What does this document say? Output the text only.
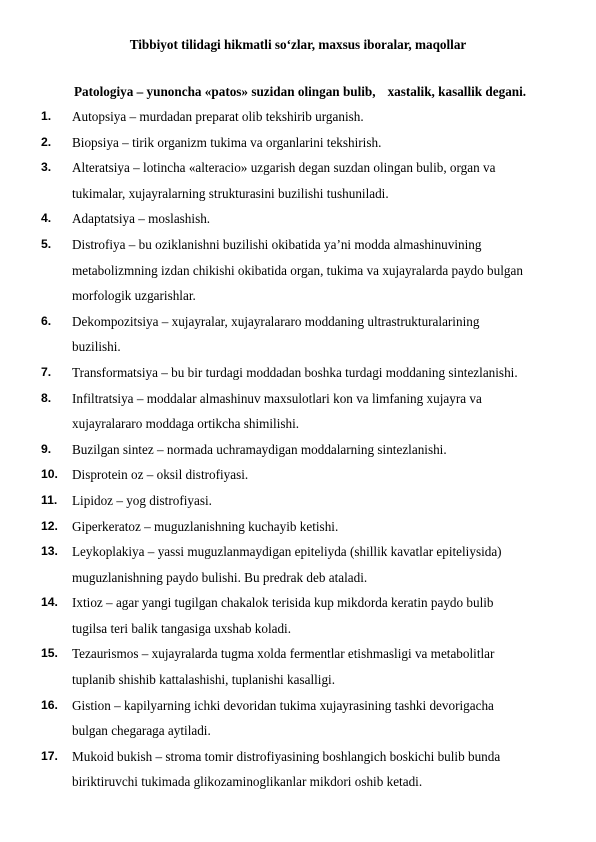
Tibbiyot tilidagi hikmatli so‘zlar, maxsus iboralar, maqollar
Patologiya – yunoncha «patos» suzidan olingan bulib, xastalik, kasallik degani.
1.	Autopsiya – murdadan preparat olib tekshirib urganish.
2.	Biopsiya – tirik organizm tukima va organlarini tekshirish.
3.	Alteratsiya – lotincha «alteracio» uzgarish degan suzdan olingan bulib, organ va
tukimalar, xujayralarning strukturasini buzilishi tushuniladi.
4.	Adaptatsiya – moslashish.
5.	Distrofiya – bu oziklanishni buzilishi okibatida ya’ni modda almashinuvining
metabolizmning izdan chikishi okibatida organ, tukima va xujayralarda paydo bulgan
morfologik uzgarishlar.
6.	Dekompozitsiya – xujayralar, xujayralararo moddaning ultrastrukturalarining
buzilishi.
7.	Transformatsiya – bu bir turdagi moddadan boshka turdagi moddaning sintezlanishi.
8.	Infiltratsiya – moddalar almashinuv maxsulotlari kon va limfaning xujayra va
xujayralararo moddaga ortikcha shimilishi.
9.	Buzilgan sintez – normada uchramaydigan moddalarning sintezlanishi.
10.	Disprotein oz – oksil distrofiyasi.
11.	Lipidoz – yog distrofiyasi.
12.	Giperkeratoz – muguzlanishning kuchayib ketishi.
13.	Leykoplakiya – yassi muguzlanmaydigan epiteliyda (shillik kavatlar epiteliysida)
muguzlanishning paydo bulishi. Bu predrak deb ataladi.
14.	Ixtioz – agar yangi tugilgan chakalok terisida kup mikdorda keratin paydo bulib
tugilsa teri balik tangasiga uxshab koladi.
15.	Tezaurismos – xujayralarda tugma xolda fermentlar etishmasligi va metabolitlar
tuplanib shishib kattalashishi, tuplanishi kasalligi.
16.	Gistion – kapilyarning ichki devoridan tukima xujayrasining tashki devorigacha
bulgan chegaraga aytiladi.
17.	Mukoid bukish – stroma tomir distrofiyasining boshlangich boskichi bulib bunda
biriktiruvchi tukimada glikozaminoglikanlar mikdori oshib ketadi.
